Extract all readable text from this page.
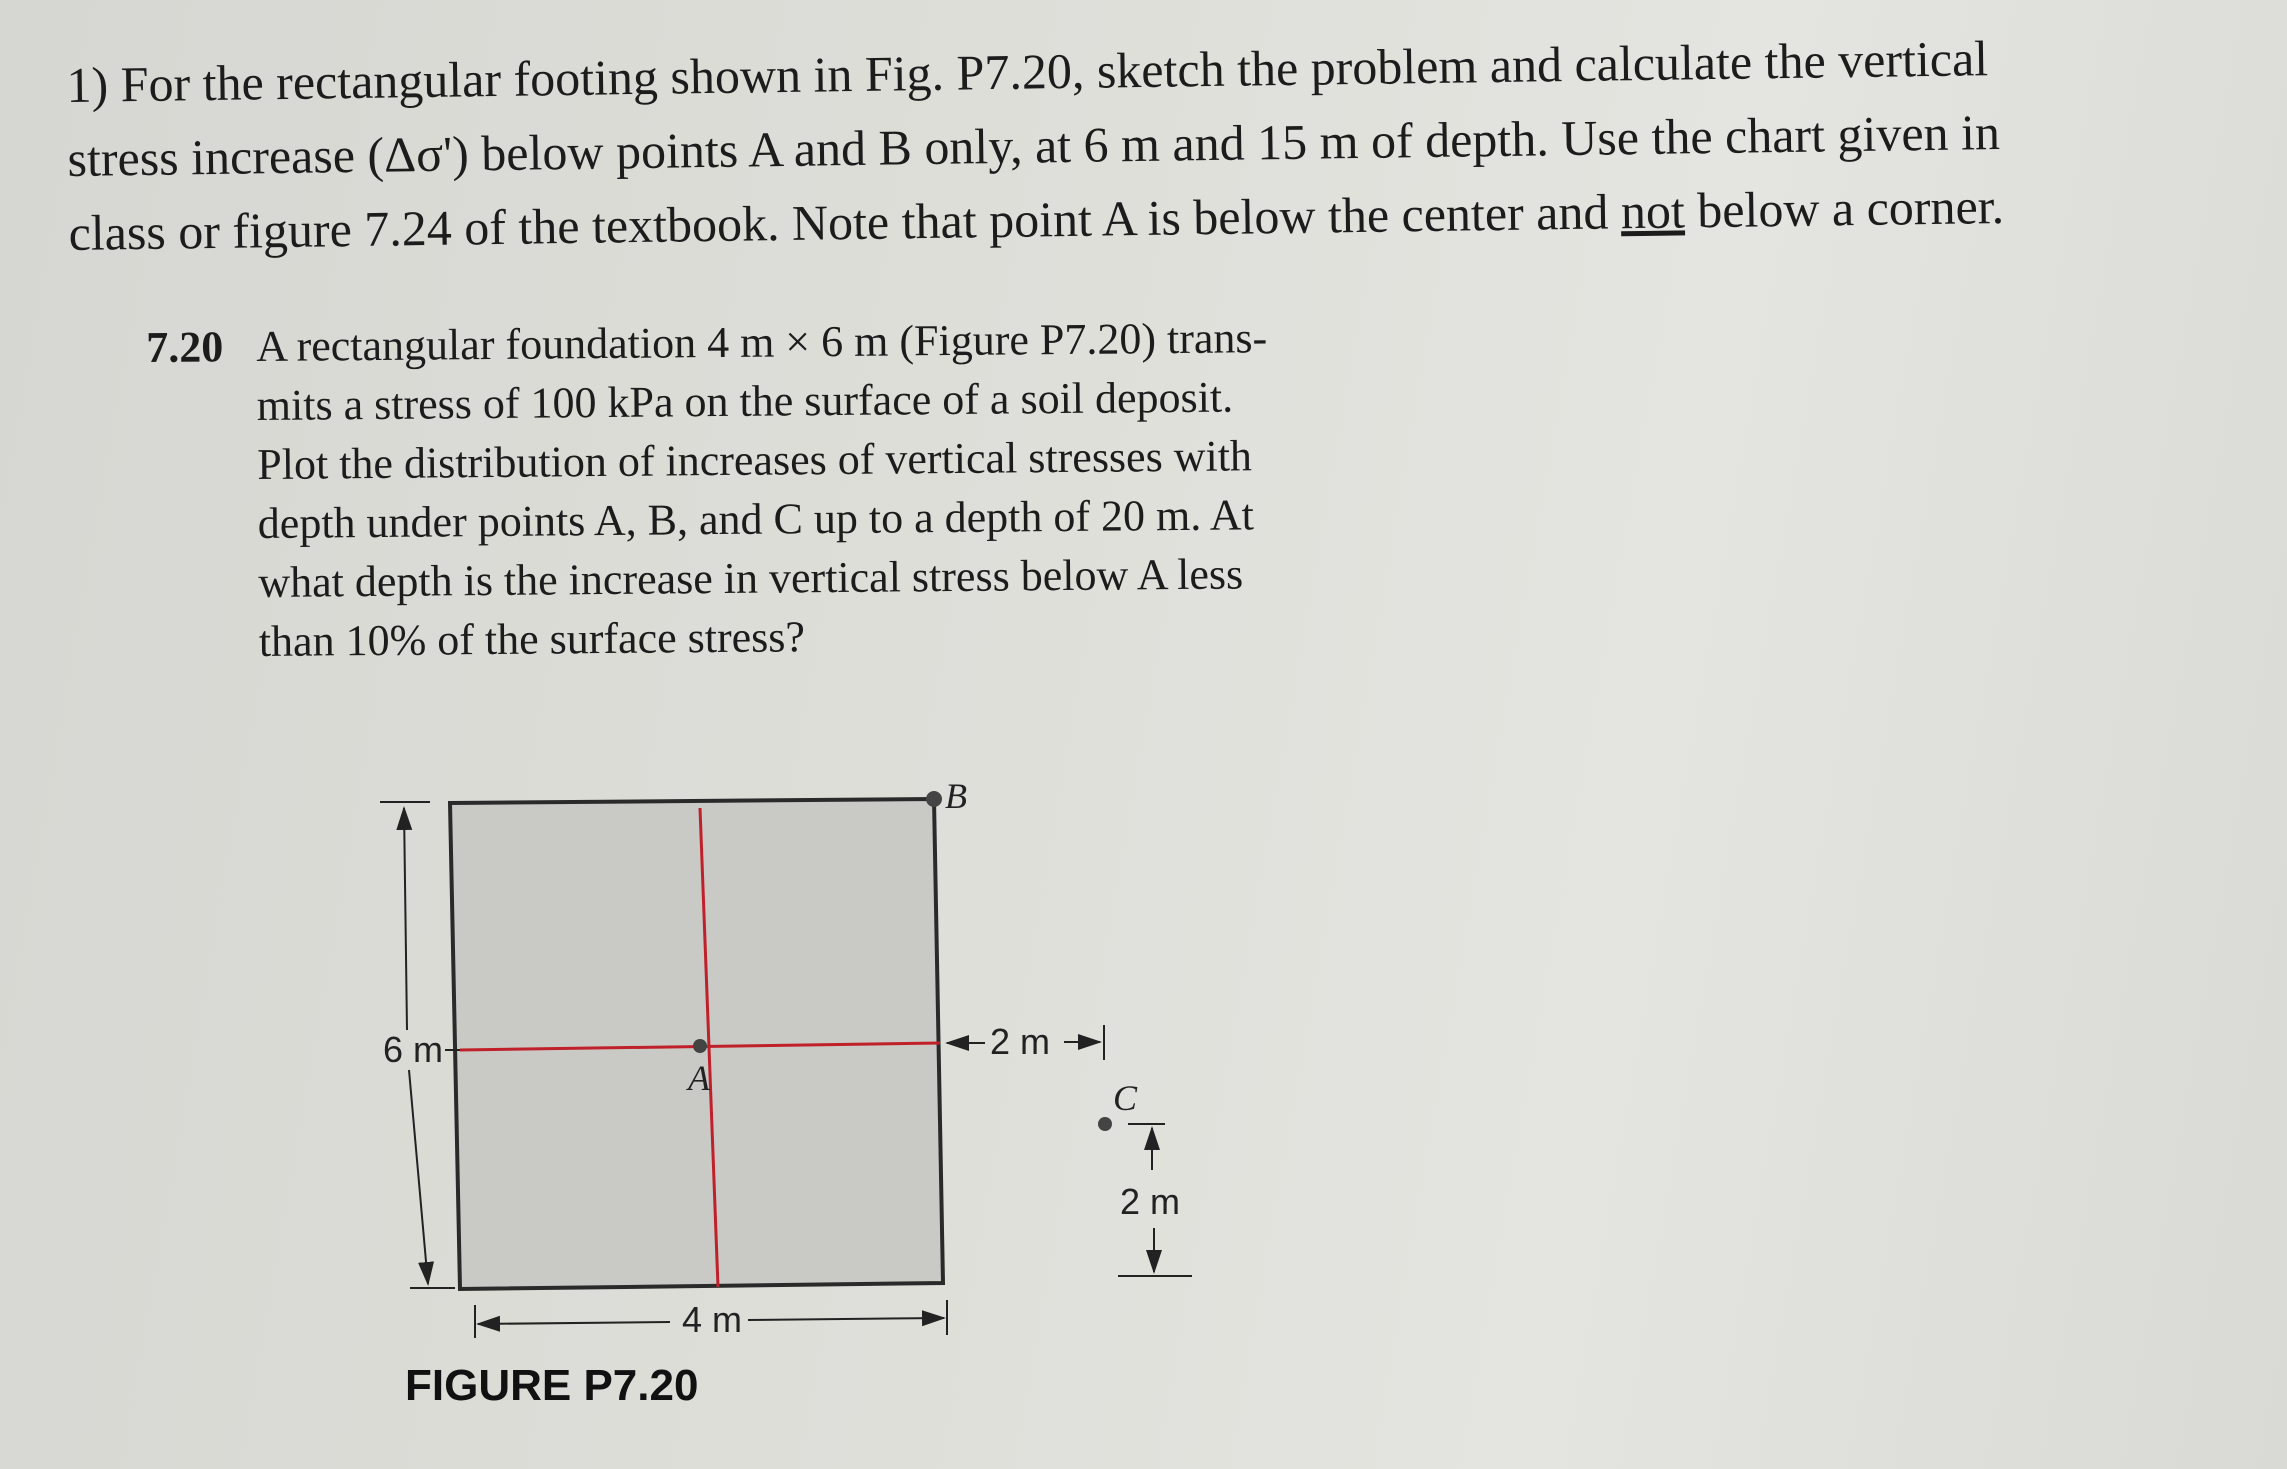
1) For the rectangular footing shown in Fig. P7.20, sketch the problem and calculate the vertical
stress increase (Δσ') below points A and B only, at 6 m and 15 m of depth. Use the chart given in
class or figure 7.24 of the textbook. Note that point A is below the center and not below a corner.
7.20 A rectangular foundation 4 m × 6 m (Figure P7.20) trans-
mits a stress of 100 kPa on the surface of a soil deposit.
Plot the distribution of increases of vertical stresses with
depth under points A, B, and C up to a depth of 20 m. At
what depth is the increase in vertical stress below A less
than 10% of the surface stress?
A
B
C
6 m
4 m
2 m
2 m
FIGURE P7.20
